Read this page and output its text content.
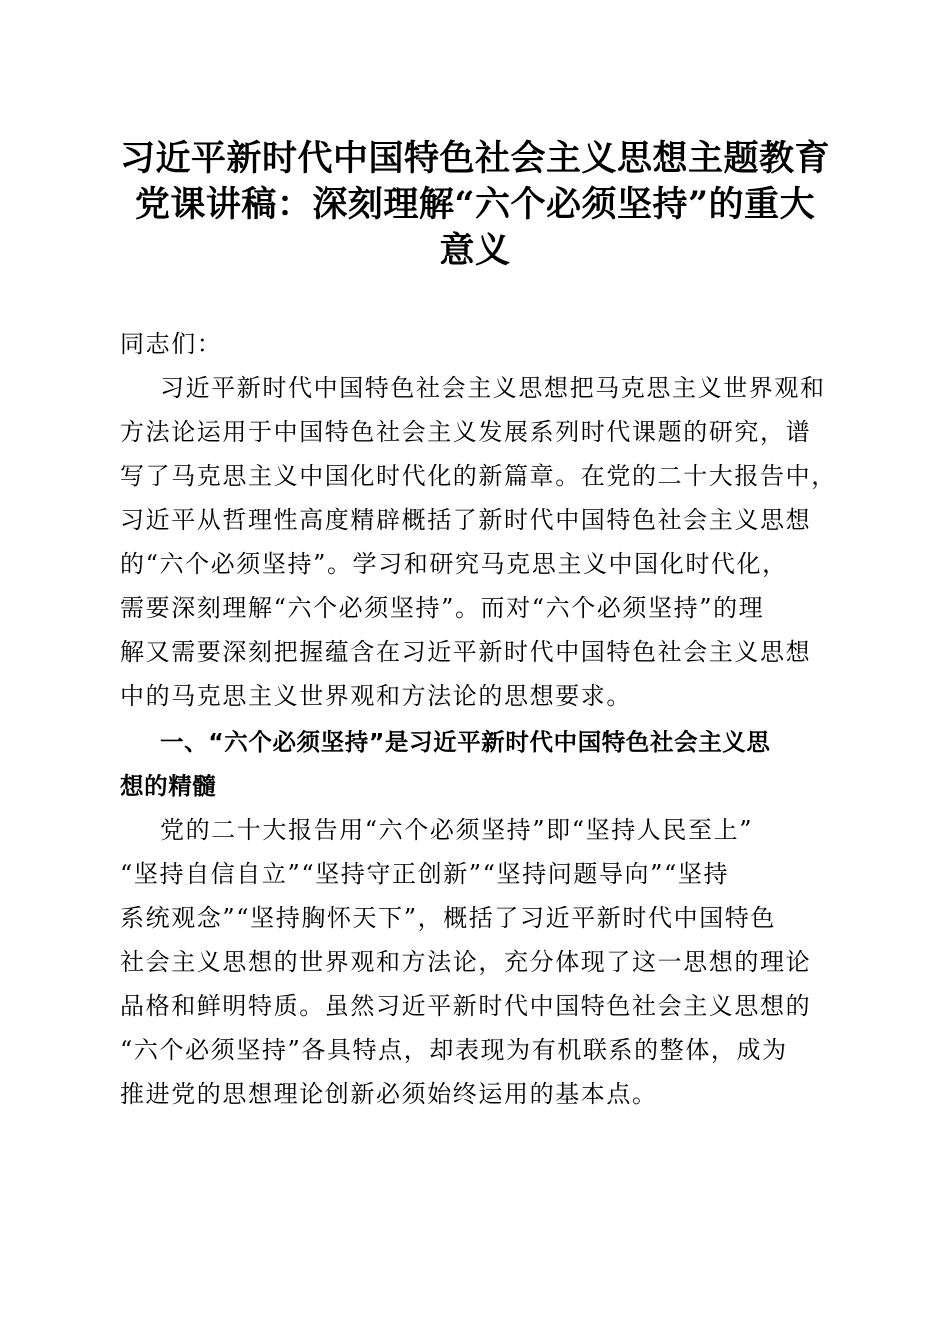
习近平新时代中国特色社会主义思想主题教育
党课讲稿：深刻理解“六个必须坚持”的重大
意义
同志们：
习近平新时代中国特色社会主义思想把马克思主义世界观和
方法论运用于中国特色社会主义发展系列时代课题的研究，谱
写了马克思主义中国化时代化的新篇章。在党的二十大报告中，
习近平从哲理性高度精辟概括了新时代中国特色社会主义思想
的“六个必须坚持”。学习和研究马克思主义中国化时代化，
需要深刻理解“六个必须坚持”。而对“六个必须坚持”的理
解又需要深刻把握蕴含在习近平新时代中国特色社会主义思想
中的马克思主义世界观和方法论的思想要求。
一、“六个必须坚持”是习近平新时代中国特色社会主义思
想的精髓
党的二十大报告用“六个必须坚持”即“坚持人民至上”
“坚持自信自立”“坚持守正创新”“坚持问题导向”“坚持
系统观念”“坚持胸怀天下”，概括了习近平新时代中国特色
社会主义思想的世界观和方法论，充分体现了这一思想的理论
品格和鲜明特质。虽然习近平新时代中国特色社会主义思想的
“六个必须坚持”各具特点，却表现为有机联系的整体，成为
推进党的思想理论创新必须始终运用的基本点。
